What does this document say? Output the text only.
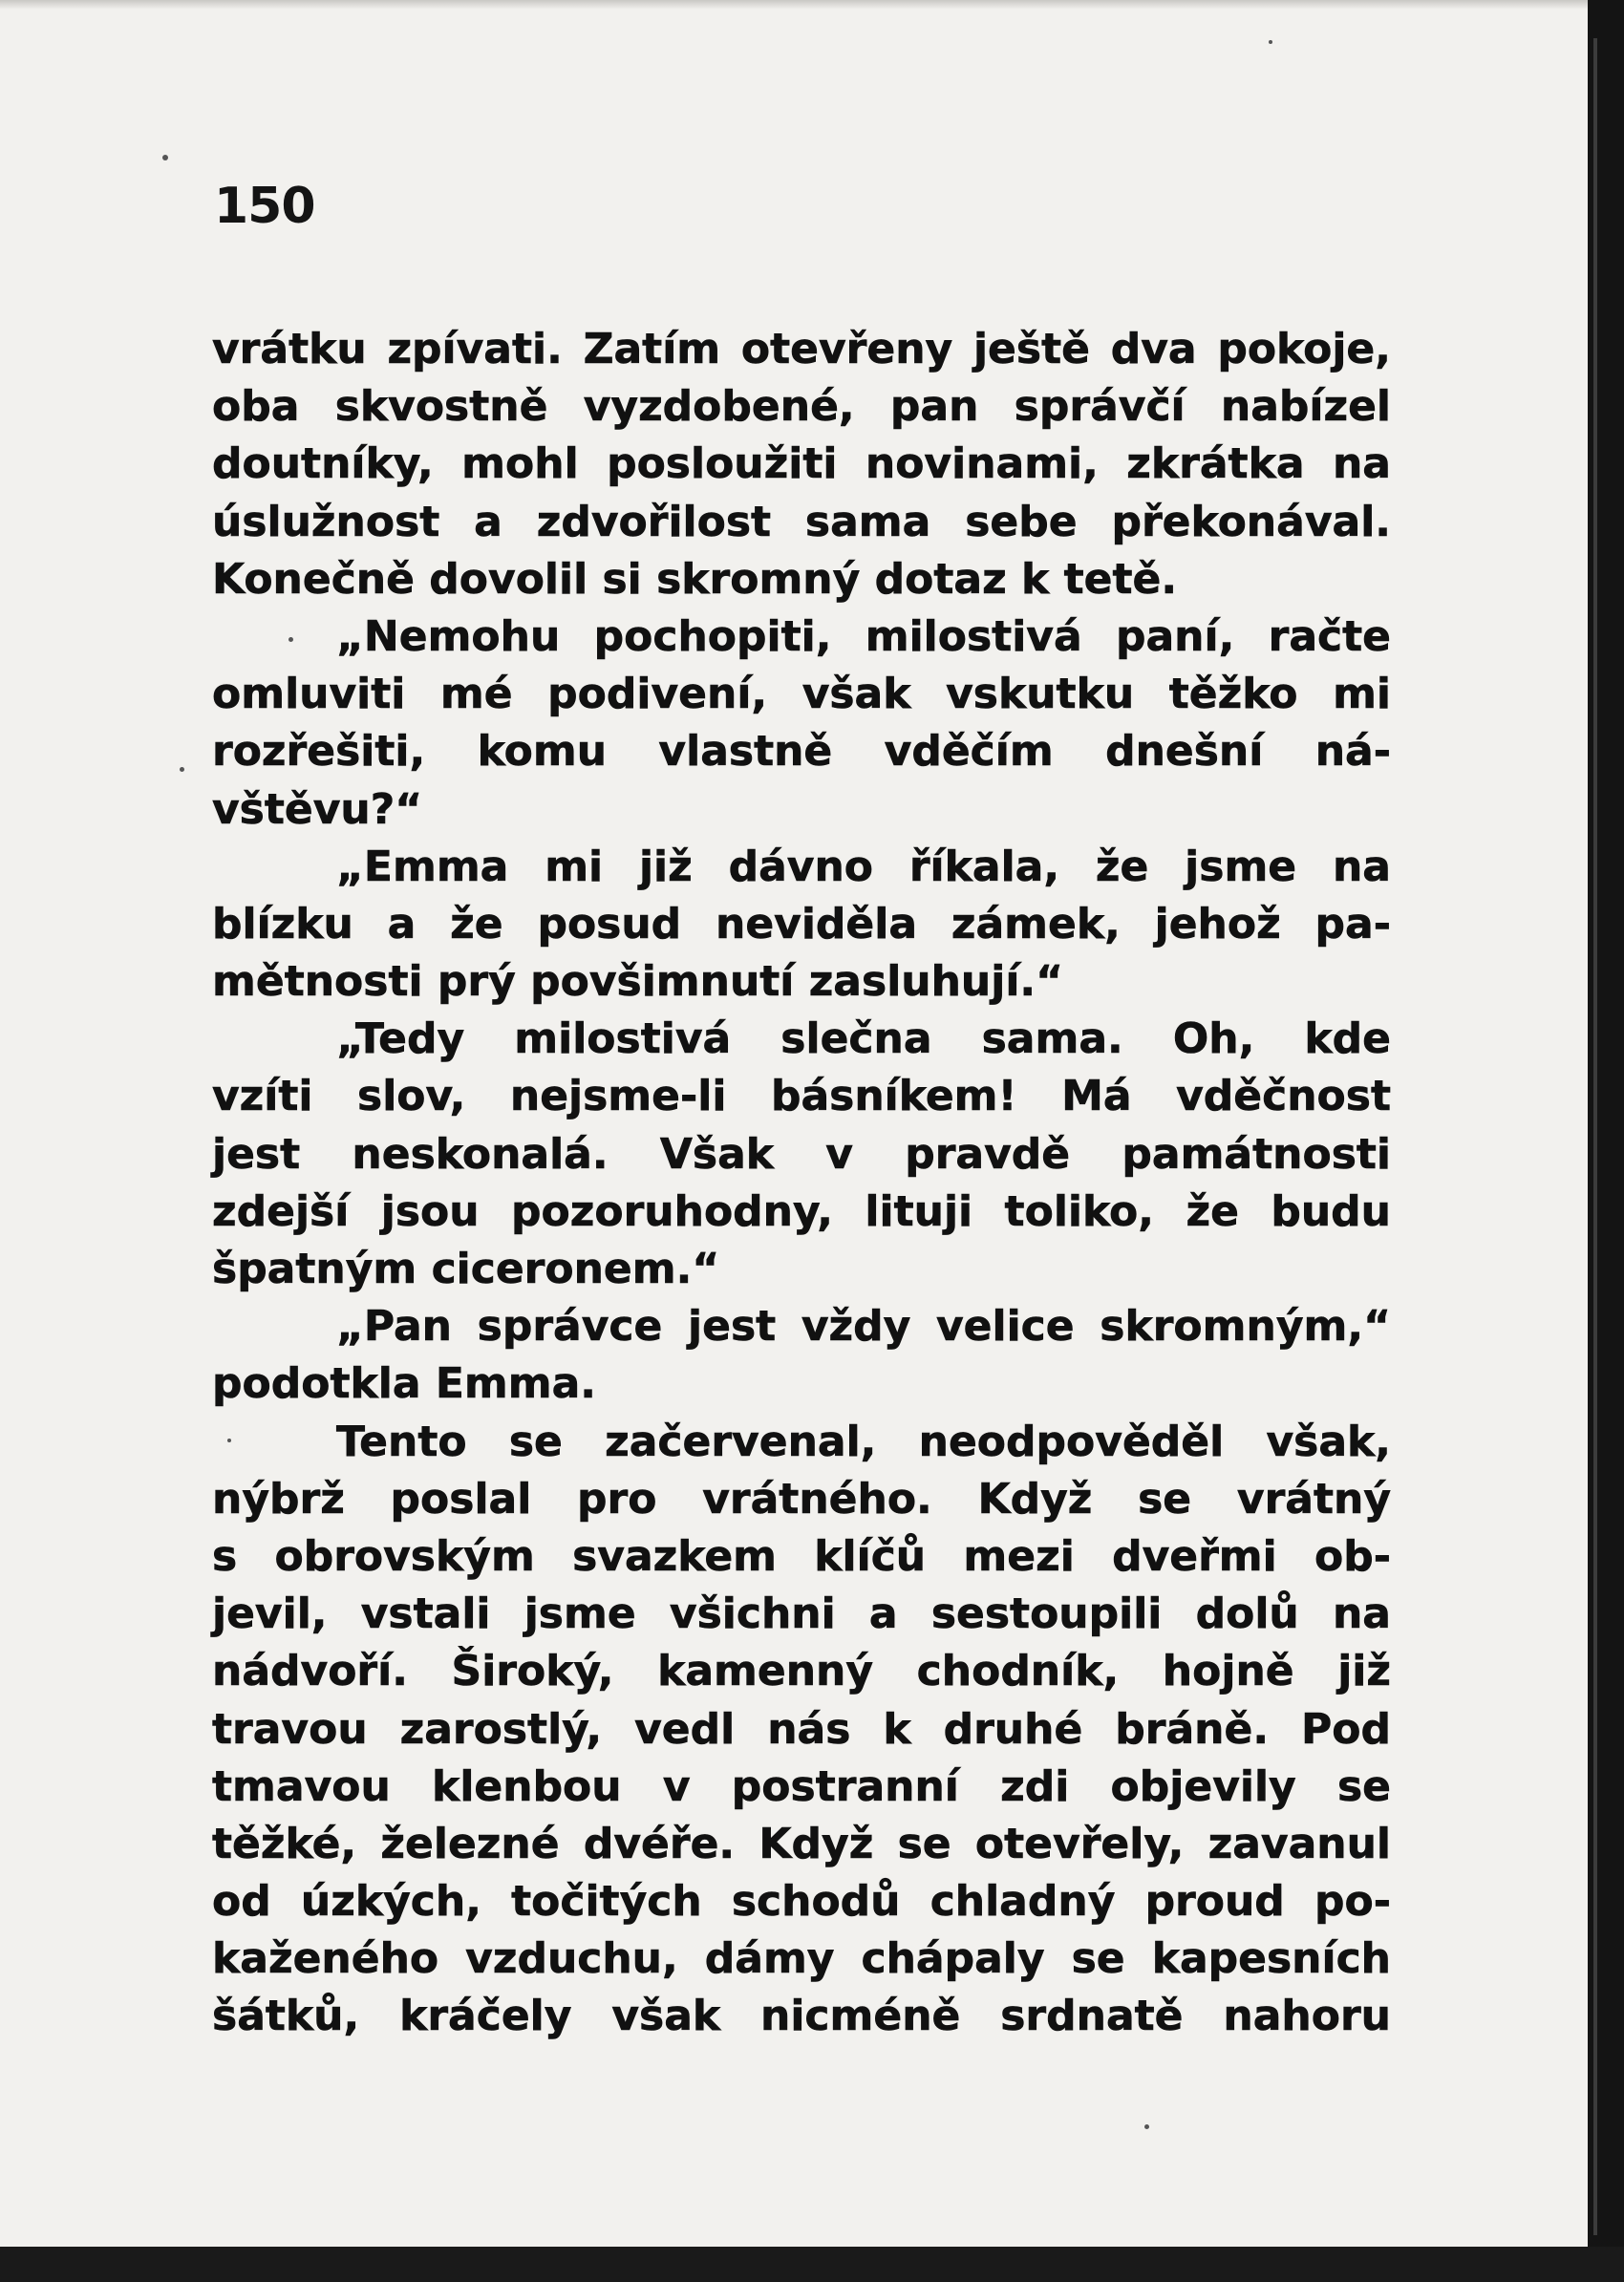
150

vrátku zpívati. Zatím otevřeny ještě dva pokoje,
oba skvostně vyzdobené, pan správčí nabízel
doutníky, mohl posloužiti novinami, zkrátka na
úslužnost a zdvořilost sama sebe překonával.
Konečně dovolil si skromný dotaz k tetě.
„Nemohu pochopiti, milostivá paní, račte
omluviti mé podivení, však vskutku těžko mi
rozřešiti, komu vlastně vděčím dnešní ná-
vštěvu?“
„Emma mi již dávno říkala, že jsme na
blízku a že posud neviděla zámek, jehož pa-
mětnosti prý povšimnutí zasluhují.“
„Tedy milostivá slečna sama. Oh, kde
vzíti slov, nejsme-li básníkem! Má vděčnost
jest neskonalá. Však v pravdě památnosti
zdejší jsou pozoruhodny, lituji toliko, že budu
špatným ciceronem.“
„Pan správce jest vždy velice skromným,“
podotkla Emma.
Tento se začervenal, neodpověděl však,
nýbrž poslal pro vrátného. Když se vrátný
s obrovským svazkem klíčů mezi dveřmi ob-
jevil, vstali jsme všichni a sestoupili dolů na
nádvoří. Široký, kamenný chodník, hojně již
travou zarostlý, vedl nás k druhé bráně. Pod
tmavou klenbou v postranní zdi objevily se
těžké, železné dvéře. Když se otevřely, zavanul
od úzkých, točitých schodů chladný proud po-
kaženého vzduchu, dámy chápaly se kapesních
šátků, kráčely však nicméně srdnatě nahoru
